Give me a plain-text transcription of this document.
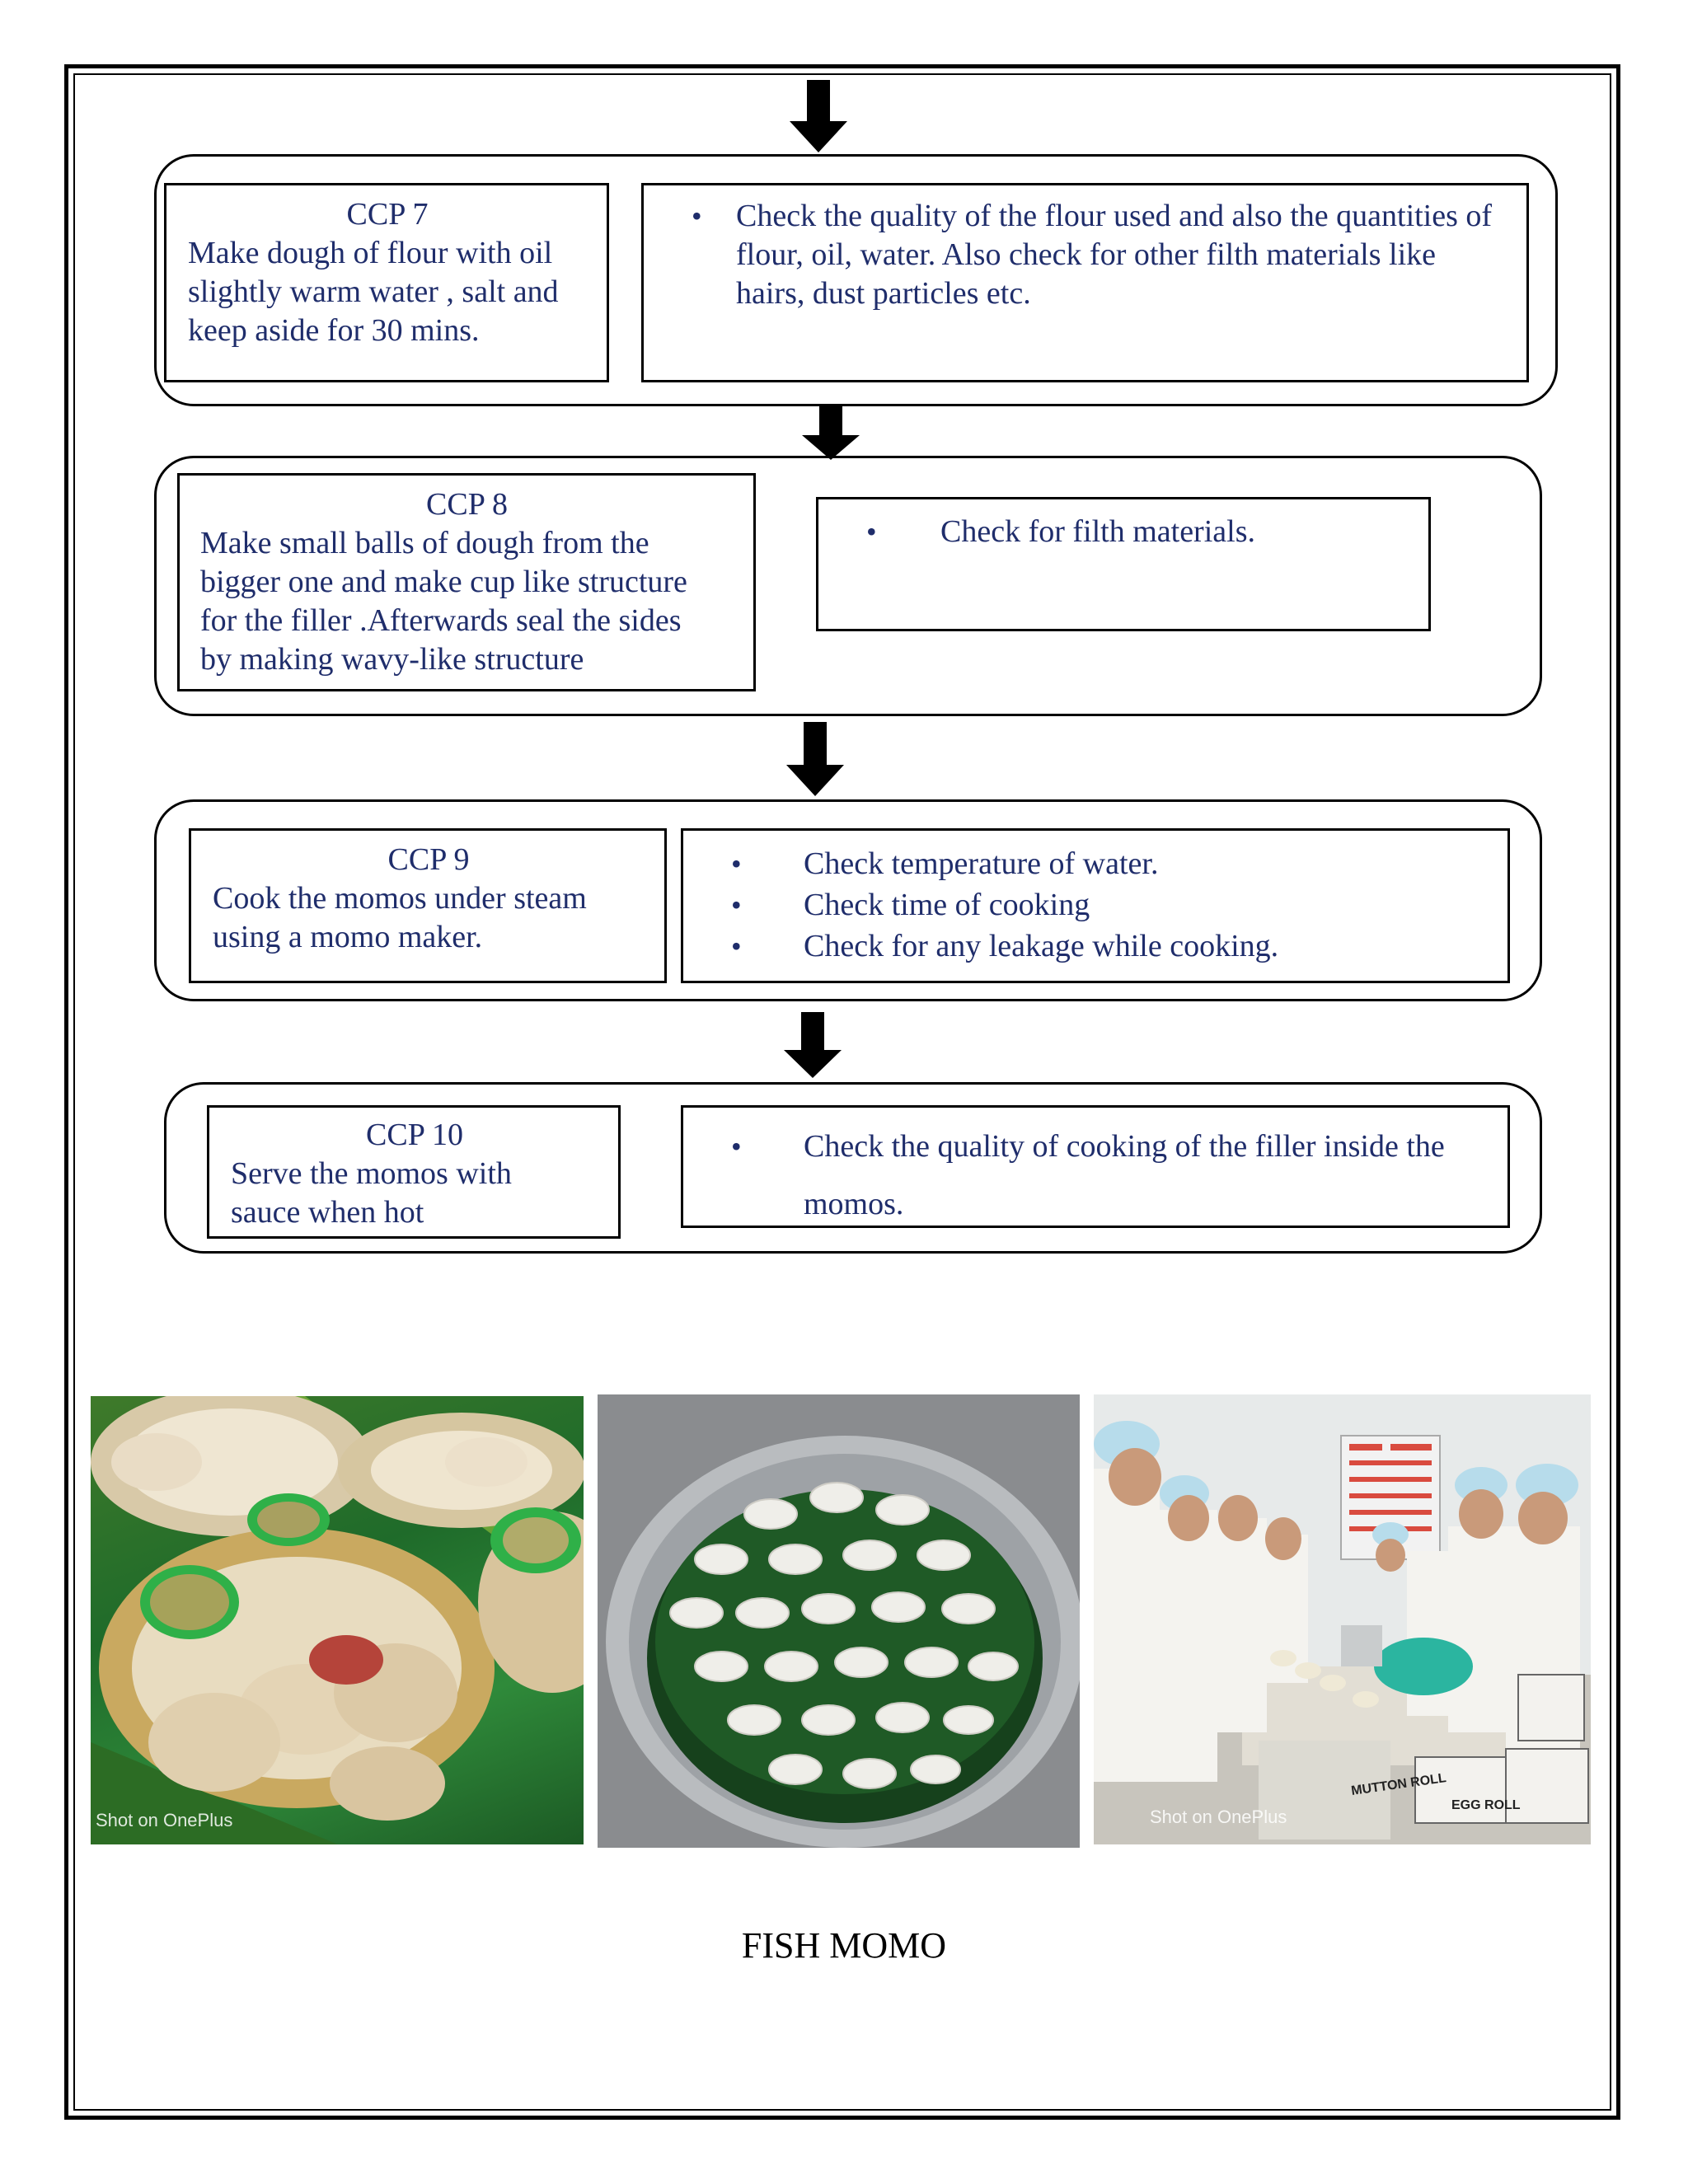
CCP 7
Make dough of flour with oil
slightly warm water , salt and
keep aside for 30 mins.
• Check the quality of the flour used and also the quantities of flour, oil, water. Also check for other filth materials like hairs, dust particles etc.
CCP 8
Make small balls of dough from the
bigger one and make cup like structure
for the filler .Afterwards seal the sides
by making wavy-like structure
• Check for filth materials.
CCP 9
Cook the momos under steam
using a momo maker.
• Check temperature of water.
• Check time of cooking
• Check for any leakage while cooking.
CCP 10
Serve the momos with
sauce when hot
• Check the quality of cooking of the filler inside the momos.
Shot on OnePlus	Shot on OnePlus
MUTTON ROLL
EGG ROLL
FISH MOMO
